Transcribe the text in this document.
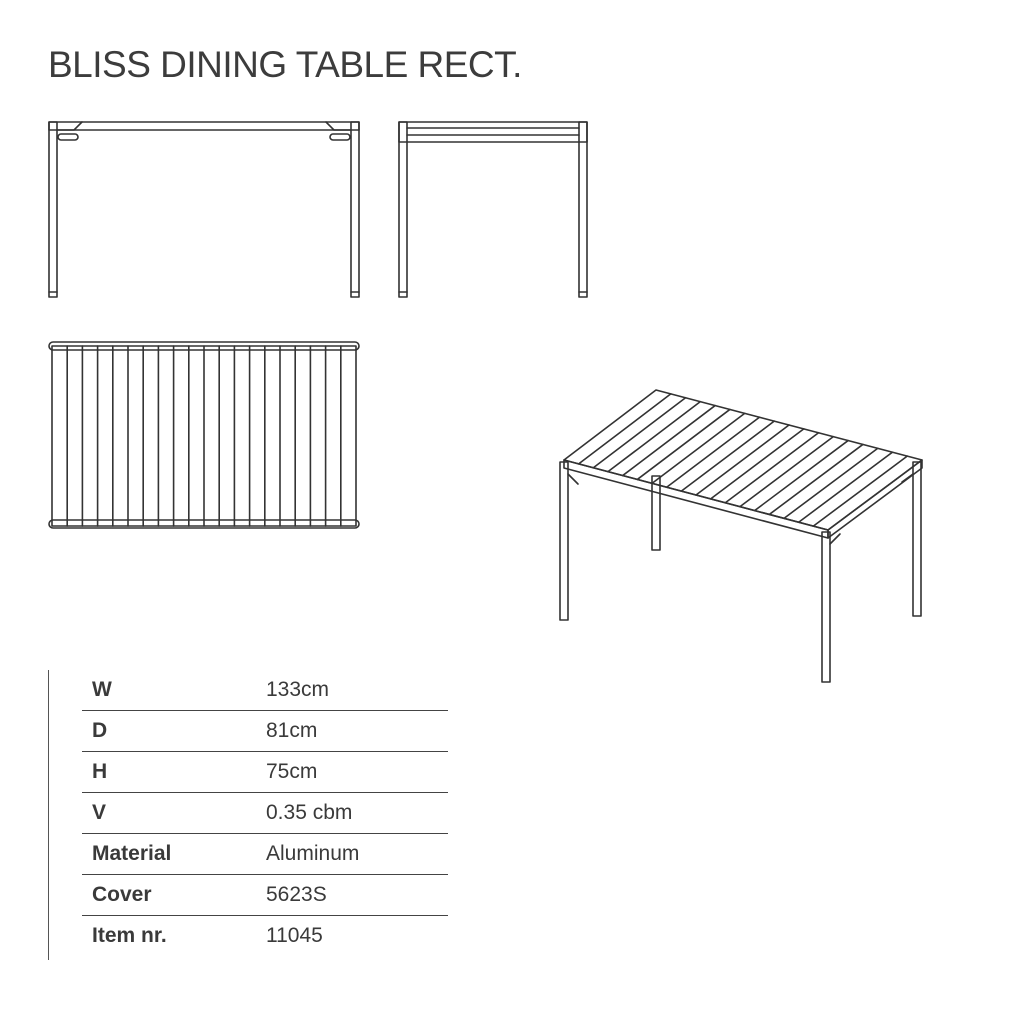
BLISS DINING TABLE RECT.
W	133cm
D	81cm
H	75cm
V	0.35 cbm
Material	Aluminum
Cover	5623S
Item nr.	11045
